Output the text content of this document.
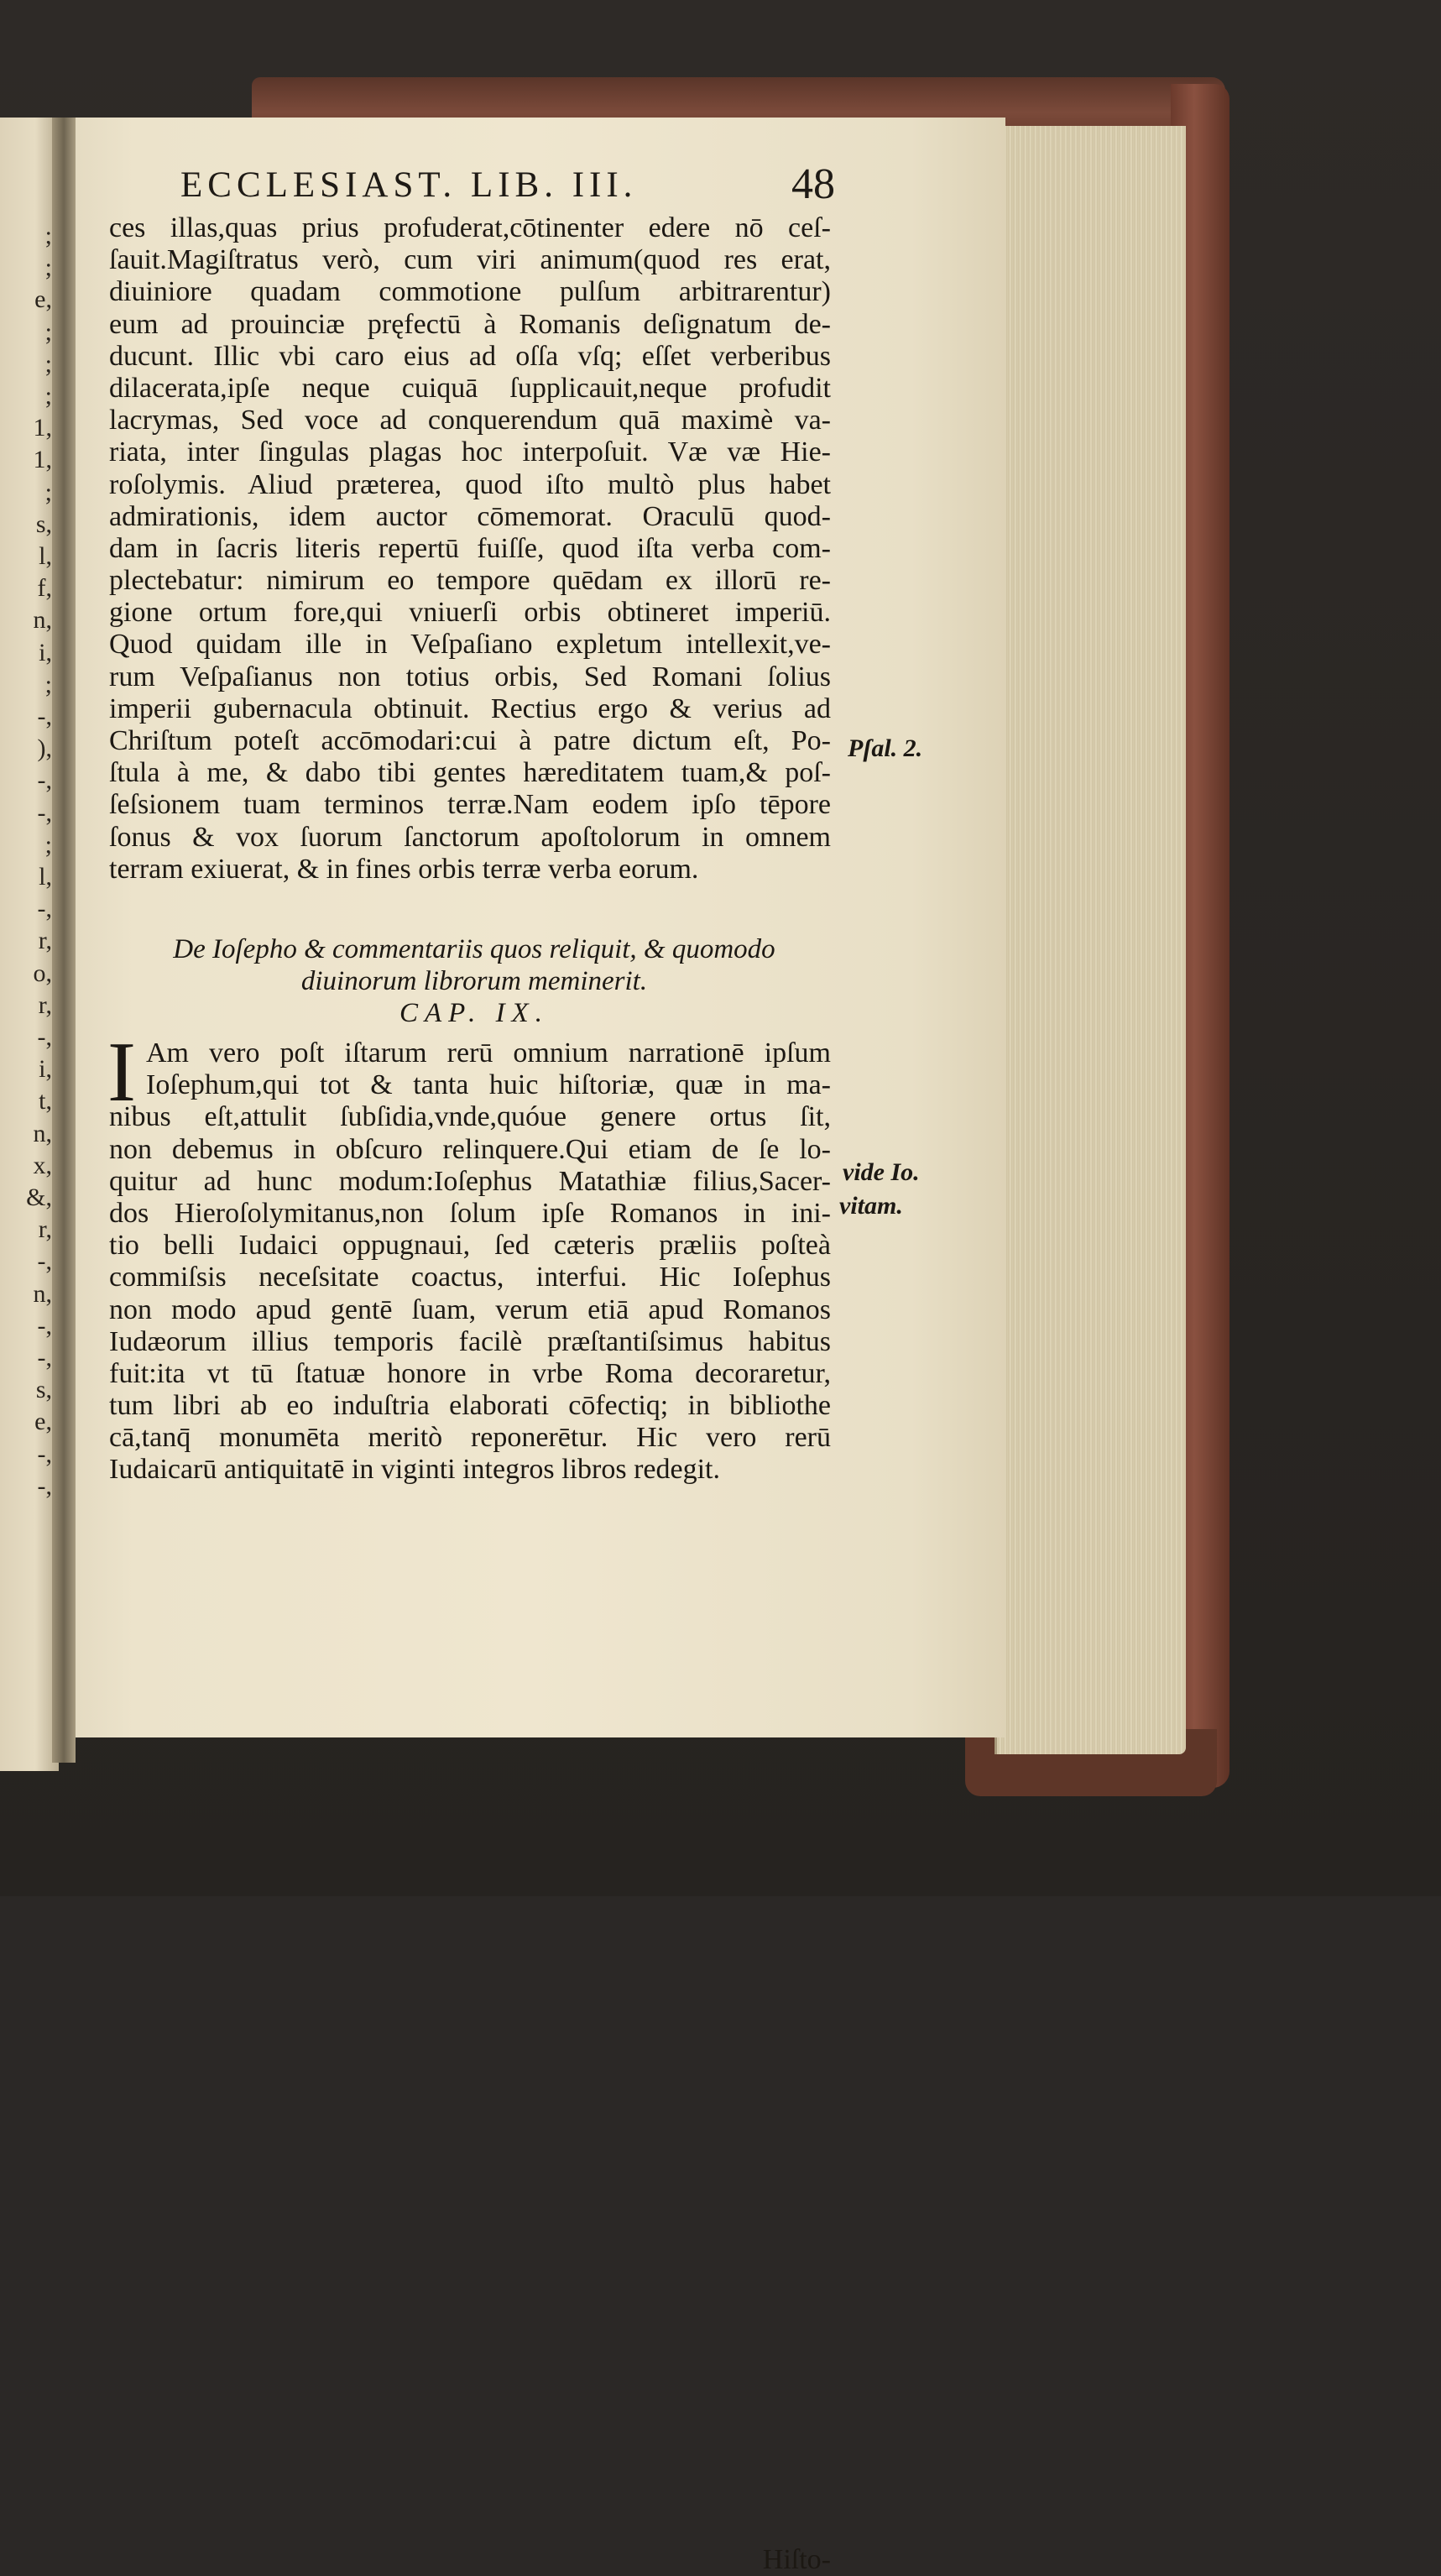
;
;
e,
;
;
;
1,
1,
;
s,
l,
f,
n,
i,
;
-,
),
-,
-,
;
l,
-,
r,
o,
r,
-,
i,
t,
n,
x,
&,
r,
-,
n,
-,
-,
s,
e,
-,
-,
ECCLESIAST. LIB. III.	48
ces illas,quas prius profuderat,cōtinenter edere nō ceſ-
ſauit.Magiſtratus verò, cum viri animum(quod res erat,
diuiniore quadam commotione pulſum arbitrarentur)
eum ad prouinciæ pręfectū à Romanis deſignatum de-
ducunt. Illic vbi caro eius ad oſſa vſq; eſſet verberibus
dilacerata,ipſe neque cuiquā ſupplicauit,neque profudit
lacrymas, Sed voce ad conquerendum quā maximè va-
riata, inter ſingulas plagas hoc interpoſuit. Væ væ Hie-
roſolymis. Aliud præterea, quod iſto multò plus habet
admirationis, idem auctor cōmemorat. Oraculū quod-
dam in ſacris literis repertū fuiſſe, quod iſta verba com-
plectebatur: nimirum eo tempore quēdam ex illorū re-
gione ortum fore,qui vniuerſi orbis obtineret imperiū.
Quod quidam ille in Veſpaſiano expletum intellexit,ve-
rum Veſpaſianus non totius orbis, Sed Romani ſolius
imperii gubernacula obtinuit. Rectius ergo & verius ad
Chriſtum poteſt accōmodari:cui à patre dictum eſt, Po-
ſtula à me, & dabo tibi gentes hæreditatem tuam,& poſ-
ſeſsionem tuam terminos terræ.Nam eodem ipſo tēpore
ſonus & vox ſuorum ſanctorum apoſtolorum in omnem
terram exiuerat, & in fines orbis terræ verba eorum.
De Ioſepho & commentariis quos reliquit, & quomodo
diuinorum librorum meminerit.
CAP. IX.
I Am vero poſt iſtarum rerū omnium narrationē ipſum
Ioſephum,qui tot & tanta huic hiſtoriæ, quæ in ma-
nibus eſt,attulit ſubſidia,vnde,quóue genere ortus ſit,
non debemus in obſcuro relinquere.Qui etiam de ſe lo-
quitur ad hunc modum:Ioſephus Matathiæ filius,Sacer-
dos Hieroſolymitanus,non ſolum ipſe Romanos in ini-
tio belli Iudaici oppugnaui, ſed cæteris præliis poſteà
commiſsis neceſsitate coactus, interfui. Hic Ioſephus
non modo apud gentē ſuam, verum etiā apud Romanos
Iudæorum illius temporis facilè præſtantiſsimus habitus
fuit:ita vt tū ſtatuæ honore in vrbe Roma decoraretur,
tum libri ab eo induſtria elaborati cōfectiq; in bibliothe
cā,tanq̄ monumēta meritò reponerētur. Hic vero rerū
Iudaicarū antiquitatē in viginti integros libros redegit.
Hiſto-
Pſal. 2.
vide Io.
vitam.
